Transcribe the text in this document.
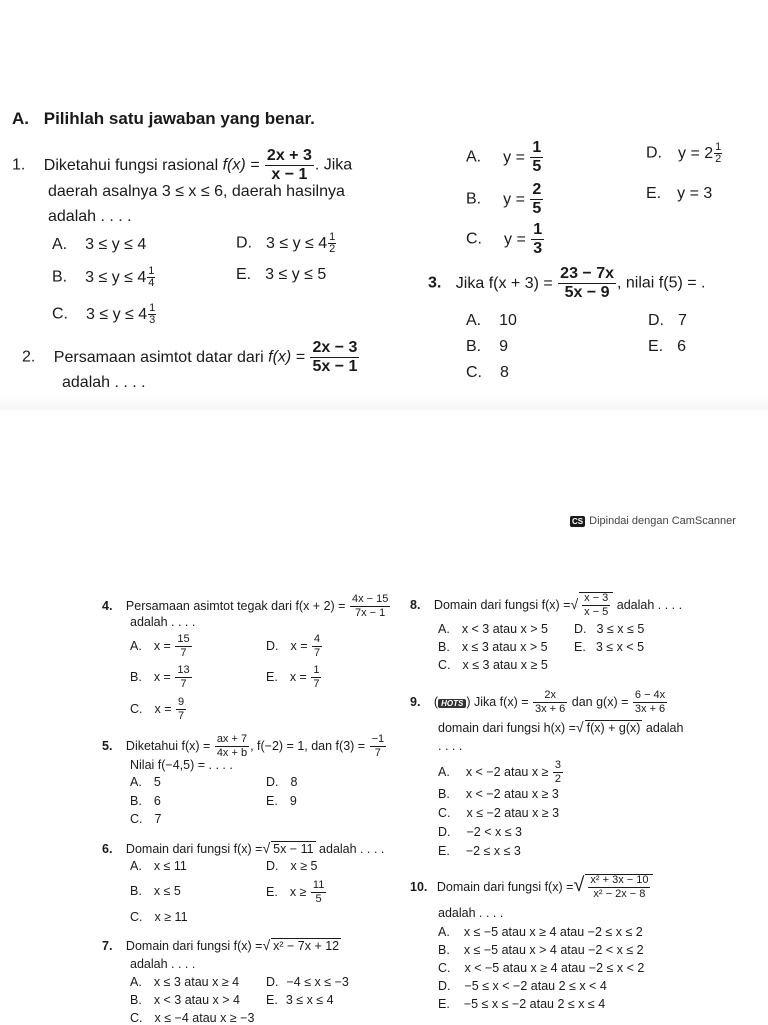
A. Pilihlah satu jawaban yang benar.
1. Diketahui fungsi rasional $f(x) = \frac{2x + 3}{x - 1}$ . Jika
daerah asalnya 3 ≤ x ≤ 6, daerah hasilnya
adalah . . . .
A. 3 ≤ y ≤ 4	D. $3 \le y \le 4 \frac{1}{2}$
B. $3 \le y \le 4 \frac{1}{4}$	E. 3 ≤ y ≤ 5
C. $3 \le y \le 4 \frac{1}{3}$
2. Persamaan asimtot datar dari $f(x) = \frac{2x - 3}{5x - 1}$
adalah . . . .
A. $y = \frac{1}{5}$	D. $y = 2 \frac{1}{2}$
B. $y = \frac{2}{5}$	E. y = 3
C. $y = \frac{1}{3}$
3. Jika $f(x + 3) = \frac{23 - 7x}{5x - 9}$ , nilai f(5) = .
A. 10	D. 7
B. 9	E. 6
C. 8
CS Dipindai dengan CamScanner
4. Persamaan asimtot tegak dari $f(x + 2) = \frac{4x - 15}{7x - 1}$
adalah . . . .
A. $x = \frac{15}{7}$	D. $x = \frac{4}{7}$
B. $x = \frac{13}{7}$	E. $x = \frac{1}{7}$
C. $x = \frac{9}{7}$
5. Diketahui $f(x) = \frac{ax + 7}{4x + b}$ , f(−2) = 1, dan $f(3) = \frac{-1}{7}$
Nilai f(−4,5) = . . . .
A. 5	D. 8
B. 6	E. 9
C. 7
6. Domain dari fungsi f(x) =√ 5x − 11 adalah . . . .
A. x ≤ 11	D. x ≥ 5
B. x ≤ 5	E. $x \ge \frac{11}{5}$
C. x ≥ 11
7. Domain dari fungsi f(x) =√ x² − 7x + 12
adalah . . . .
A. x ≤ 3 atau x ≥ 4 D. −4 ≤ x ≤ −3
B. x < 3 atau x > 4 E. 3 ≤ x ≤ 4
C. x ≤ −4 atau x ≥ −3
8. Domain dari fungsi f(x) =√ $\frac{x - 3}{x - 5}$ adalah . . . .
A. x < 3 atau x > 5 D. 3 ≤ x ≤ 5
B. x ≤ 3 atau x > 5 E. 3 ≤ x < 5
C. x ≤ 3 atau x ≥ 5
9. ( HOTS ) Jika $f(x) = \frac{2x}{3x + 6}$ dan $g(x) = \frac{6 - 4x}{3x + 6}$
domain dari fungsi h(x) =√ f(x) + g(x) adalah
. . . .
A. x < −2 atau $x \ge \frac{3}{2}$
B. x < −2 atau x ≥ 3
C. x ≤ −2 atau x ≥ 3
D. −2 < x ≤ 3
E. −2 ≤ x ≤ 3
10. Domain dari fungsi f(x) =√ $\frac{\text{x² + 3x − 10}}{\text{x² − 2x − 8}}$
adalah . . . .
A. x ≤ −5 atau x ≥ 4 atau −2 ≤ x ≤ 2
B. x ≤ −5 atau x > 4 atau −2 < x ≤ 2
C. x < −5 atau x ≥ 4 atau −2 ≤ x < 2
D. −5 ≤ x < −2 atau 2 ≤ x < 4
E. −5 ≤ x ≤ −2 atau 2 ≤ x ≤ 4
